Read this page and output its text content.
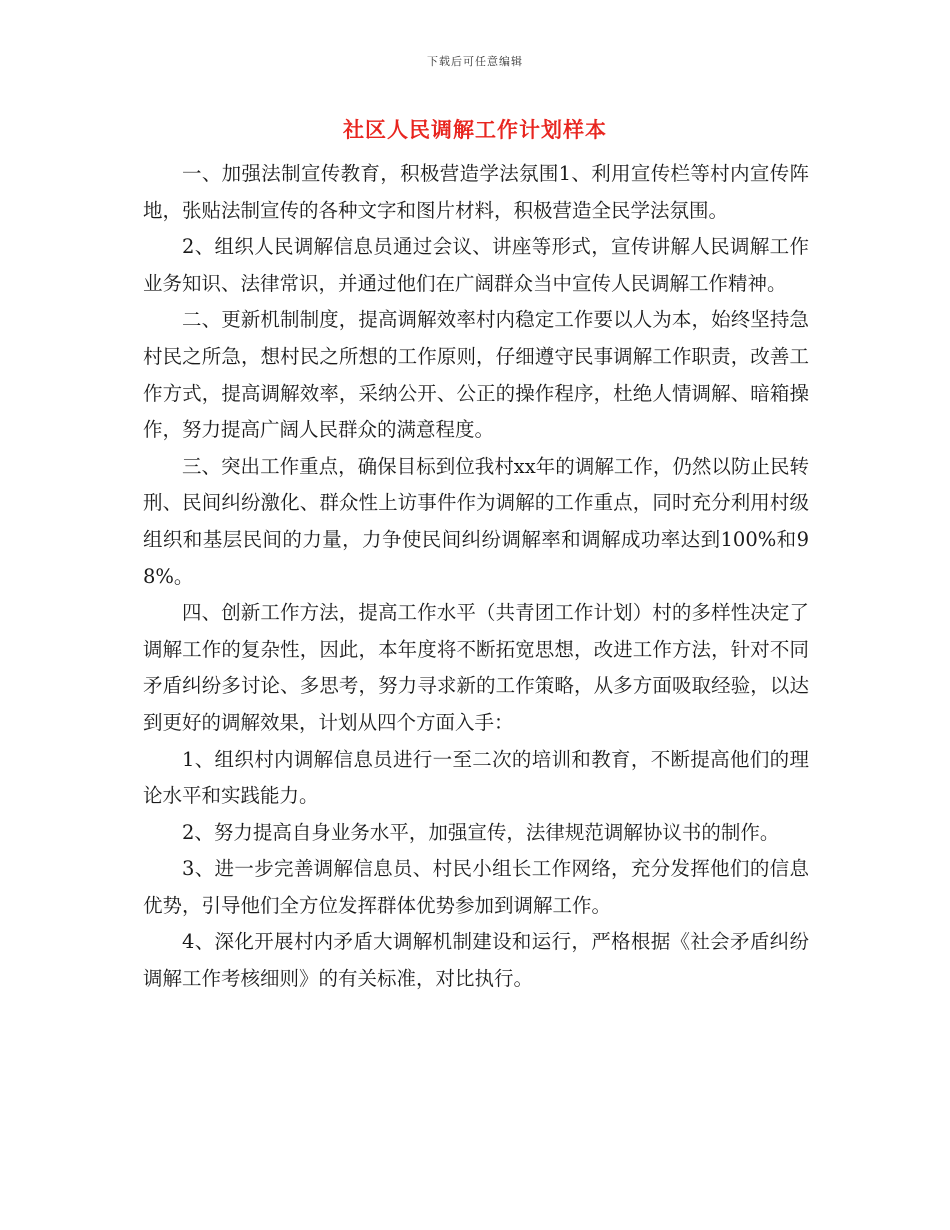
下载后可任意编辑
社区人民调解工作计划样本

一、加强法制宣传教育，积极营造学法氛围1、利用宣传栏等村内宣传阵地，张贴法制宣传的各种文字和图片材料，积极营造全民学法氛围。

2、组织人民调解信息员通过会议、讲座等形式，宣传讲解人民调解工作业务知识、法律常识，并通过他们在广阔群众当中宣传人民调解工作精神。

二、更新机制制度，提高调解效率村内稳定工作要以人为本，始终坚持急村民之所急，想村民之所想的工作原则，仔细遵守民事调解工作职责，改善工作方式，提高调解效率，采纳公开、公正的操作程序，杜绝人情调解、暗箱操作，努力提高广阔人民群众的满意程度。

三、突出工作重点，确保目标到位我村xx年的调解工作，仍然以防止民转刑、民间纠纷激化、群众性上访事件作为调解的工作重点，同时充分利用村级组织和基层民间的力量，力争使民间纠纷调解率和调解成功率达到100%和98%。

四、创新工作方法，提高工作水平（共青团工作计划）村的多样性决定了调解工作的复杂性，因此，本年度将不断拓宽思想，改进工作方法，针对不同矛盾纠纷多讨论、多思考，努力寻求新的工作策略，从多方面吸取经验，以达到更好的调解效果，计划从四个方面入手：

1、组织村内调解信息员进行一至二次的培训和教育，不断提高他们的理论水平和实践能力。

2、努力提高自身业务水平，加强宣传，法律规范调解协议书的制作。

3、进一步完善调解信息员、村民小组长工作网络，充分发挥他们的信息优势，引导他们全方位发挥群体优势参加到调解工作。

4、深化开展村内矛盾大调解机制建设和运行，严格根据《社会矛盾纠纷调解工作考核细则》的有关标准，对比执行。
